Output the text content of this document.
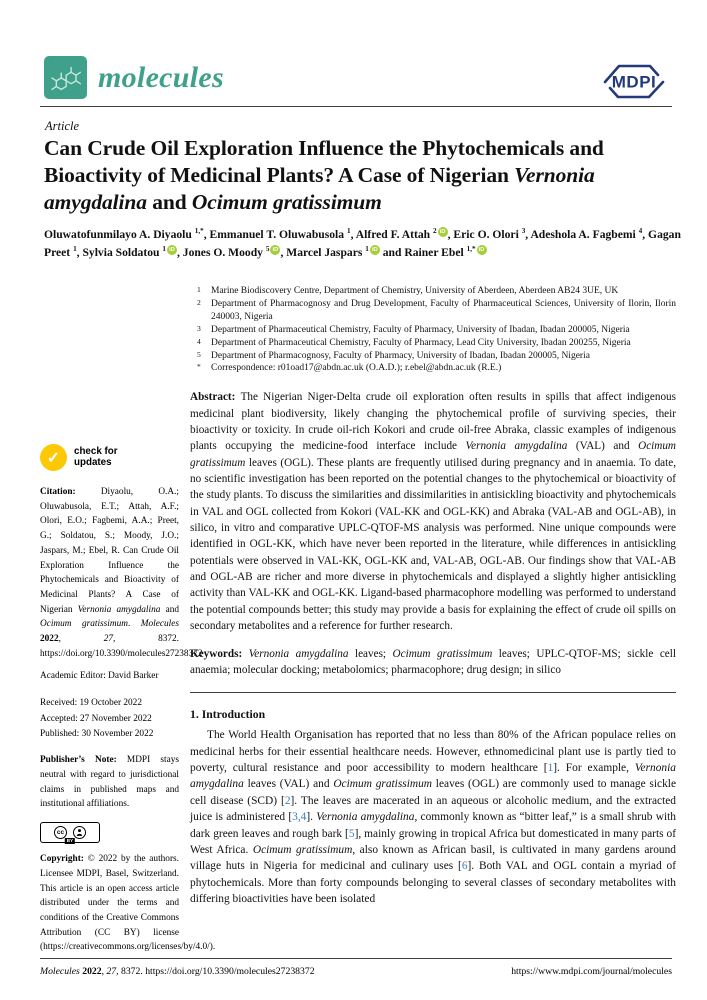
molecules	MDPI
Article
Can Crude Oil Exploration Influence the Phytochemicals and Bioactivity of Medicinal Plants? A Case of Nigerian Vernonia amygdalina and Ocimum gratissimum
Oluwatofunmilayo A. Diyaolu $^{1,*}$, Emmanuel T. Oluwabusola $^1$, Alfred F. Attah $^2$ iD , Eric O. Olori $^3$, Adeshola A. Fagbemi $^4$, Gagan Preet $^1$, Sylvia Soldatou $^1$ iD , Jones O. Moody $^5$ iD , Marcel Jaspars $^1$ iD and Rainer Ebel $^{1,*}$ iD
✓	check for
updates

Citation: Diyaolu, O.A.; Oluwabusola, E.T.; Attah, A.F.; Olori, E.O.; Fagbemi, A.A.; Preet, G.; Soldatou, S.; Moody, J.O.; Jaspars, M.; Ebel, R. Can Crude Oil Exploration Influence the Phytochemicals and Bioactivity of Medicinal Plants? A Case of Nigerian Vernonia amygdalina and Ocimum gratissimum. Molecules 2022, 27, 8372. https://doi.org/10.3390/molecules27238372

Academic Editor: David Barker

Received: 19 October 2022
Accepted: 27 November 2022
Published: 30 November 2022

Publisher’s Note: MDPI stays neutral with regard to jurisdictional claims in published maps and institutional affiliations.

cc
BY

Copyright: © 2022 by the authors. Licensee MDPI, Basel, Switzerland. This article is an open access article distributed under the terms and conditions of the Creative Commons Attribution (CC BY) license (https://creativecommons.org/licenses/by/4.0/).

1 Marine Biodiscovery Centre, Department of Chemistry, University of Aberdeen, Aberdeen AB24 3UE, UK
2 Department of Pharmacognosy and Drug Development, Faculty of Pharmaceutical Sciences, University of Ilorin, Ilorin 240003, Nigeria
3 Department of Pharmaceutical Chemistry, Faculty of Pharmacy, University of Ibadan, Ibadan 200005, Nigeria
4 Department of Pharmaceutical Chemistry, Faculty of Pharmacy, Lead City University, Ibadan 200255, Nigeria
5 Department of Pharmacognosy, Faculty of Pharmacy, University of Ibadan, Ibadan 200005, Nigeria
* Correspondence: r01oad17@abdn.ac.uk (O.A.D.); r.ebel@abdn.ac.uk (R.E.)

Abstract: The Nigerian Niger-Delta crude oil exploration often results in spills that affect indigenous medicinal plant biodiversity, likely changing the phytochemical profile of surviving species, their bioactivity or toxicity. In crude oil-rich Kokori and crude oil-free Abraka, classic examples of indigenous plants occupying the medicine-food interface include Vernonia amygdalina (VAL) and Ocimum gratissimum leaves (OGL). These plants are frequently utilised during pregnancy and in anaemia. To date, no scientific investigation has been reported on the potential changes to the phytochemical or bioactivity of the study plants. To discuss the similarities and dissimilarities in antisickling bioactivity and phytochemicals in VAL and OGL collected from Kokori (VAL-KK and OGL-KK) and Abraka (VAL-AB and OGL-AB), in silico, in vitro and comparative UPLC-QTOF-MS analysis was performed. Nine unique compounds were identified in OGL-KK, which have never been reported in the literature, while differences in antisickling potentials were observed in VAL-KK, OGL-KK and, VAL-AB, OGL-AB. Our findings show that VAL-AB and OGL-AB are richer and more diverse in phytochemicals and displayed a slightly higher antisickling activity than VAL-KK and OGL-KK. Ligand-based pharmacophore modelling was performed to understand the potential compounds better; this study may provide a basis for explaining the effect of crude oil spills on secondary metabolites and a reference for further research.

Keywords: Vernonia amygdalina leaves; Ocimum gratissimum leaves; UPLC-QTOF-MS; sickle cell anaemia; molecular docking; metabolomics; pharmacophore; drug design; in silico

1. Introduction

The World Health Organisation has reported that no less than 80% of the African populace relies on medicinal herbs for their essential healthcare needs. However, ethnomedicinal plant use is partly tied to poverty, cultural resistance and poor accessibility to modern healthcare [1]. For example, Vernonia amygdalina leaves (VAL) and Ocimum gratissimum leaves (OGL) are commonly used to manage sickle cell disease (SCD) [2]. The leaves are macerated in an aqueous or alcoholic medium, and the extracted juice is administered [3,4]. Vernonia amygdalina, commonly known as “bitter leaf,” is a small shrub with dark green leaves and rough bark [5], mainly growing in tropical Africa but domesticated in many parts of West Africa. Ocimum gratissimum, also known as African basil, is cultivated in many gardens around village huts in Nigeria for medicinal and culinary uses [6]. Both VAL and OGL contain a myriad of phytochemicals. More than forty compounds belonging to several classes of secondary metabolites with differing bioactivities have been isolated

Molecules 2022, 27, 8372. https://doi.org/10.3390/molecules27238372	https://www.mdpi.com/journal/molecules
